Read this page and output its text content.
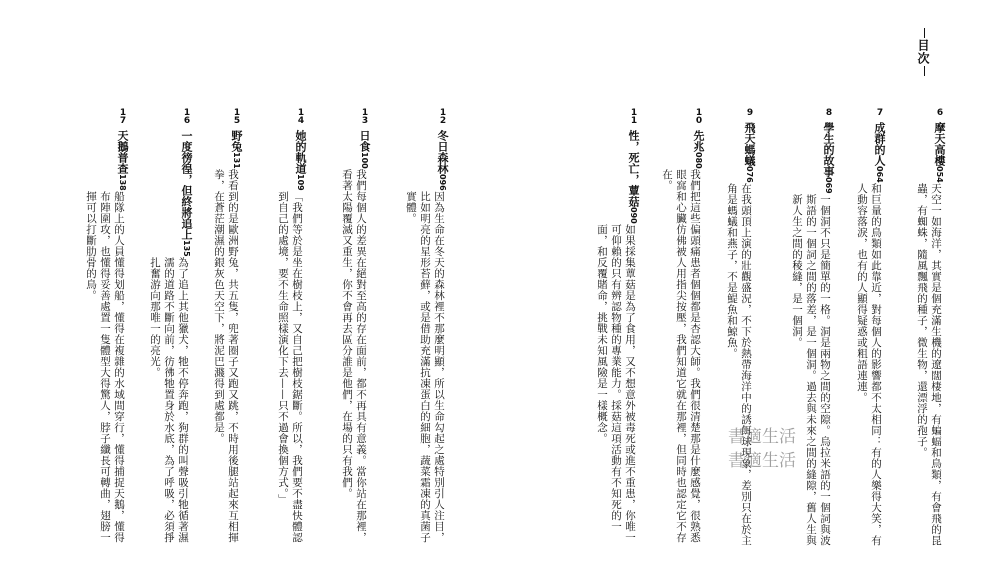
12
冬日森林096
因為生命在冬天的森林裡不那麼明顯，所以生命勾起之處特別引人注目，比如明亮的星形苔蘚，或是借助充滿抗凍蛋白的細胞，蔬菜霜凍的真菌子實體。
13
日食100
我們每個人的差異在絕對至高的存在面前，都不再具有意義。當你站在那裡，看著太陽覆滅又重生，你不會再去區分誰是他們，在場的只有我們。
14
她的軌道109
「我們等於是坐在樹枝上，又自己把樹枝鋸斷。所以，我們要不盡快體認到自己的處境，要不生命照樣演化下去——只不過會換個方式。」
15
野兔131
我看到的是歐洲野兔，共五隻，兜著圈子又跑又跳，不時用後腿站起來互相揮拳，在蒼茫潮濕的銀灰色天空下，將泥巴濺得到處都是。
16
一度徬徨，但終將追上135
為了追上其他獵犬，牠不停奔跑，狗群的叫聲吸引牠循著濕濡的道路不斷向前，彷彿牠置身於水底，為了呼吸，必須掙扎奮游向那唯一的亮光。
17
天鵝普查138
船隊上的人員懂得划船，懂得在複雜的水域間穿行，懂得捕捉天鵝，懂得布陣圍攻，也懂得妥善處置一隻體型大得驚人，脖子纖長可轉曲，翅膀一揮可以打斷肋骨的鳥。
目次
6
摩天高樓054
天空一如海洋，其實是個充滿生機的遼闊棲地，有蝙蝠和鳥類，有會飛的昆蟲，有蜘蛛，隨風飄飛的種子，微生物，還漂浮的孢子。
7
成群的人064
和巨量的鳥類如此靠近，對每個人的影響都不太相同：有的人樂得大笑，有人動容落淚，也有的人顯得疑惑或粗語連連。
8
學生的故事069
一個洞不只是簡單的一格。洞是兩物之間的空隙。烏拉米語的一個詞與波斯語的一個詞之間的落差，是一個洞。過去與未來之間的縫隙，舊人生與新人生之間的稜縫，是一個洞。
9
飛天螞蟻076
在我頭頂上演的壯觀盛況，不下於熱帶海洋中的誘餌球現象，差別只在於主角是螞蟻和燕子，不是鯷魚和鯨魚。
10
先兆080
我們把這些偏頭痛患者個個都是杏認大師。我們很清楚那是什麼感覺，很熟悉眼窩和心臟仿佛被人用指尖按壓，我們知道它就在那裡，但同時也認定它不存在。
11
性，死亡，蕈菇090
如果採集蕈菇是為了食用，又不想意外被毒死或進不重患，你唯一可仰賴的只有辨認物種的專業能力。採菇這項活動有不知死的一面，和反覆賭命，挑戰未知風險是一樣概念。	書適生活
書適生活
